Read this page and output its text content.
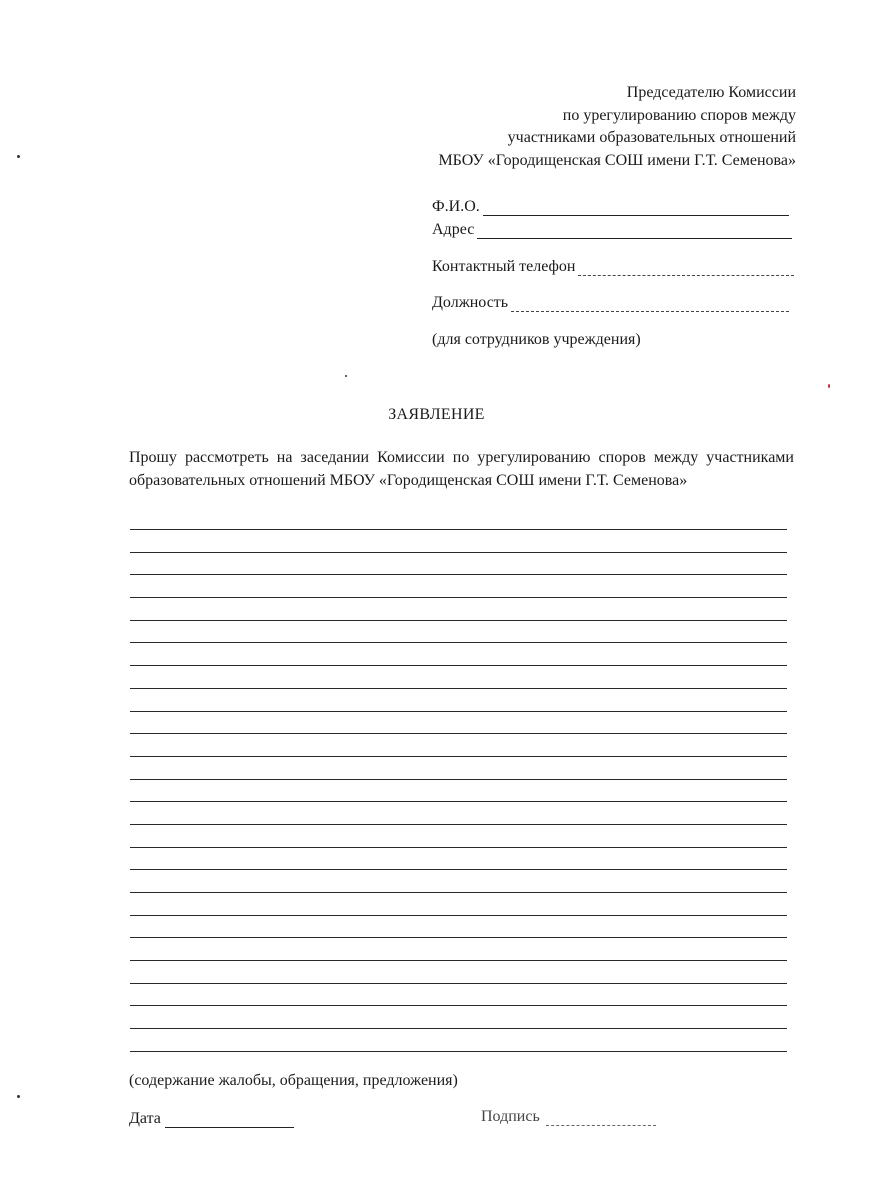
Председателю Комиссии
по урегулированию споров между
участниками образовательных отношений
МБОУ «Городищенская СОШ имени Г.Т. Семенова»
Ф.И.О.
Адрес
Контактный телефон
Должность
(для сотрудников учреждения)
ЗАЯВЛЕНИЕ
Прошу рассмотреть на заседании Комиссии по урегулированию споров между участниками образовательных отношений МБОУ «Городищенская СОШ имени Г.Т. Семенова»
(содержание жалобы, обращения, предложения)
Дата	Подпись
